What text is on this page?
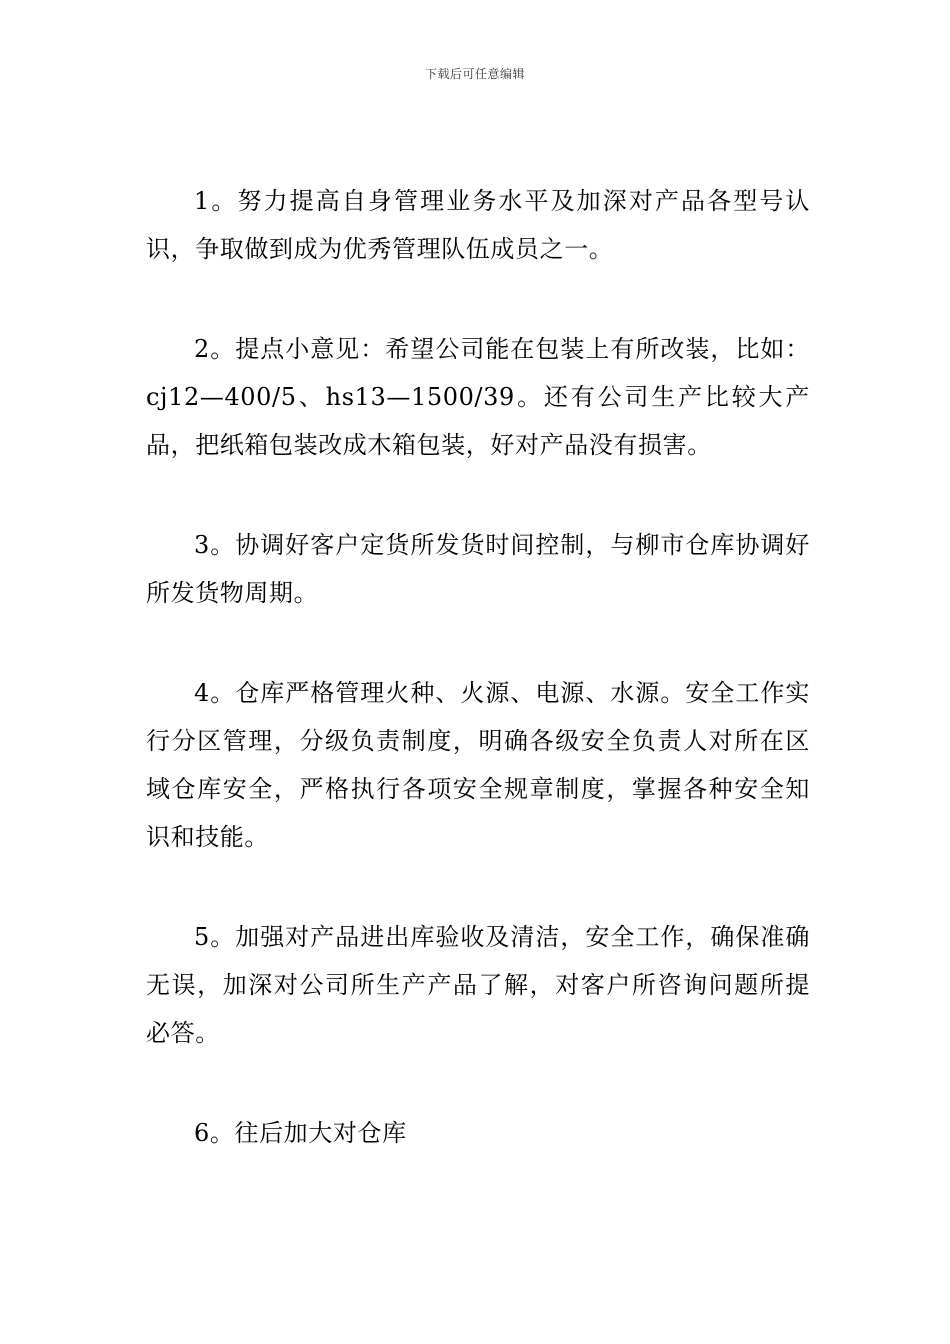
下载后可任意编辑

1。努力提高自身管理业务水平及加深对产品各型号认识，争取做到成为优秀管理队伍成员之一。

2。提点小意见：希望公司能在包装上有所改装，比如：cj12—400/5、hs13—1500/39。还有公司生产比较大产品，把纸箱包装改成木箱包装，好对产品没有损害。

3。协调好客户定货所发货时间控制，与柳市仓库协调好所发货物周期。

4。仓库严格管理火种、火源、电源、水源。安全工作实行分区管理，分级负责制度，明确各级安全负责人对所在区域仓库安全，严格执行各项安全规章制度，掌握各种安全知识和技能。

5。加强对产品进出库验收及清洁，安全工作，确保准确无误，加深对公司所生产产品了解，对客户所咨询问题所提必答。

6。往后加大对仓库
